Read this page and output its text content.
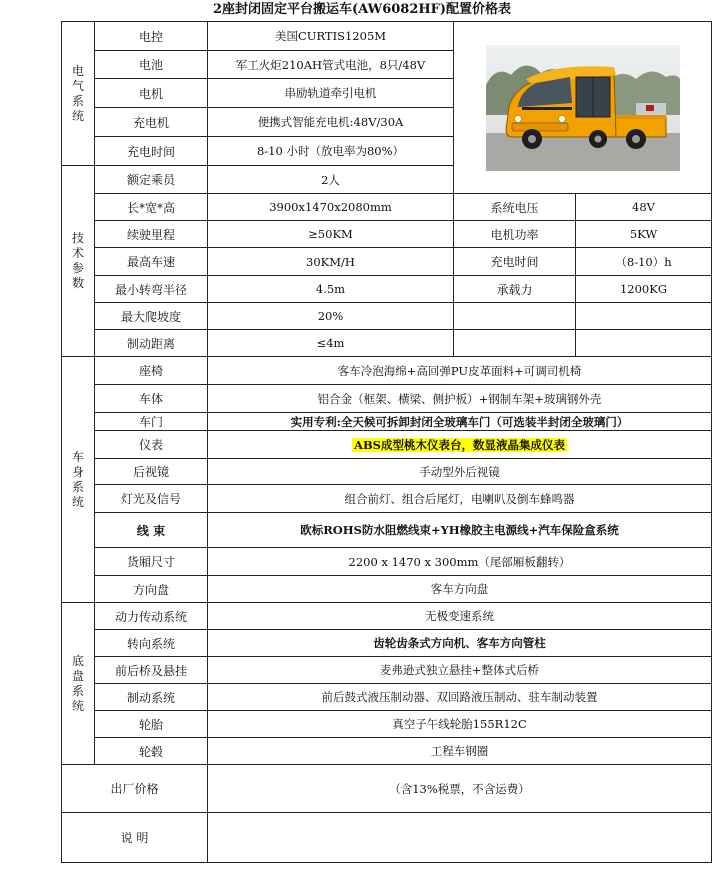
2座封闭固定平台搬运车(AW6082HF)配置价格表
电
气
系
统	电控	美国CURTIS1205M	

	电池	军工火炬210AH管式电池，8只/48V		
	电机	串励轨道牵引电机		
	充电机	便携式智能充电机:48V/30A		
	充电时间	8-10 小时（放电率为80%）		
技
术
参
数	额定乘员	2人		
	长*宽*高	3900x1470x2080mm	系统电压	48V
	续驶里程	≥50KM	电机功率	5KW
	最高车速	30KM/H	充电时间	（8-10）h
	最小转弯半径	4.5m	承载力	1200KG
	最大爬坡度	20%		
	制动距离	≤4m		
车
身
系
统	座椅	客车冷泡海绵+高回弹PU皮革面料+可调司机椅		
	车体	铝合金（框架、横梁、侧护板）+钢制车架+玻璃钢外壳		
	车门	实用专利:全天候可拆卸封闭全玻璃车门（可选装半封闭全玻璃门）		
	仪表	ABS成型桃木仪表台，数显液晶集成仪表		
	后视镜	手动型外后视镜		
	灯光及信号	组合前灯、组合后尾灯，电喇叭及倒车蜂鸣器		
	线 束	欧标ROHS防水阻燃线束+YH橡胶主电源线+汽车保险盒系统		
	货厢尺寸	2200 x 1470 x 300mm（尾部厢板翻转）		
	方向盘	客车方向盘		
底
盘
系
统	动力传动系统	无极变速系统		
	转向系统	齿轮齿条式方向机、客车方向管柱		
	前后桥及悬挂	麦弗逊式独立悬挂+整体式后桥		
	制动系统	前后鼓式液压制动器、双回路液压制动、驻车制动装置		
	轮胎	真空子午线轮胎155R12C		
	轮毂	工程车钢圈		
出厂价格		（含13%税票，不含运费）		
说 明				
